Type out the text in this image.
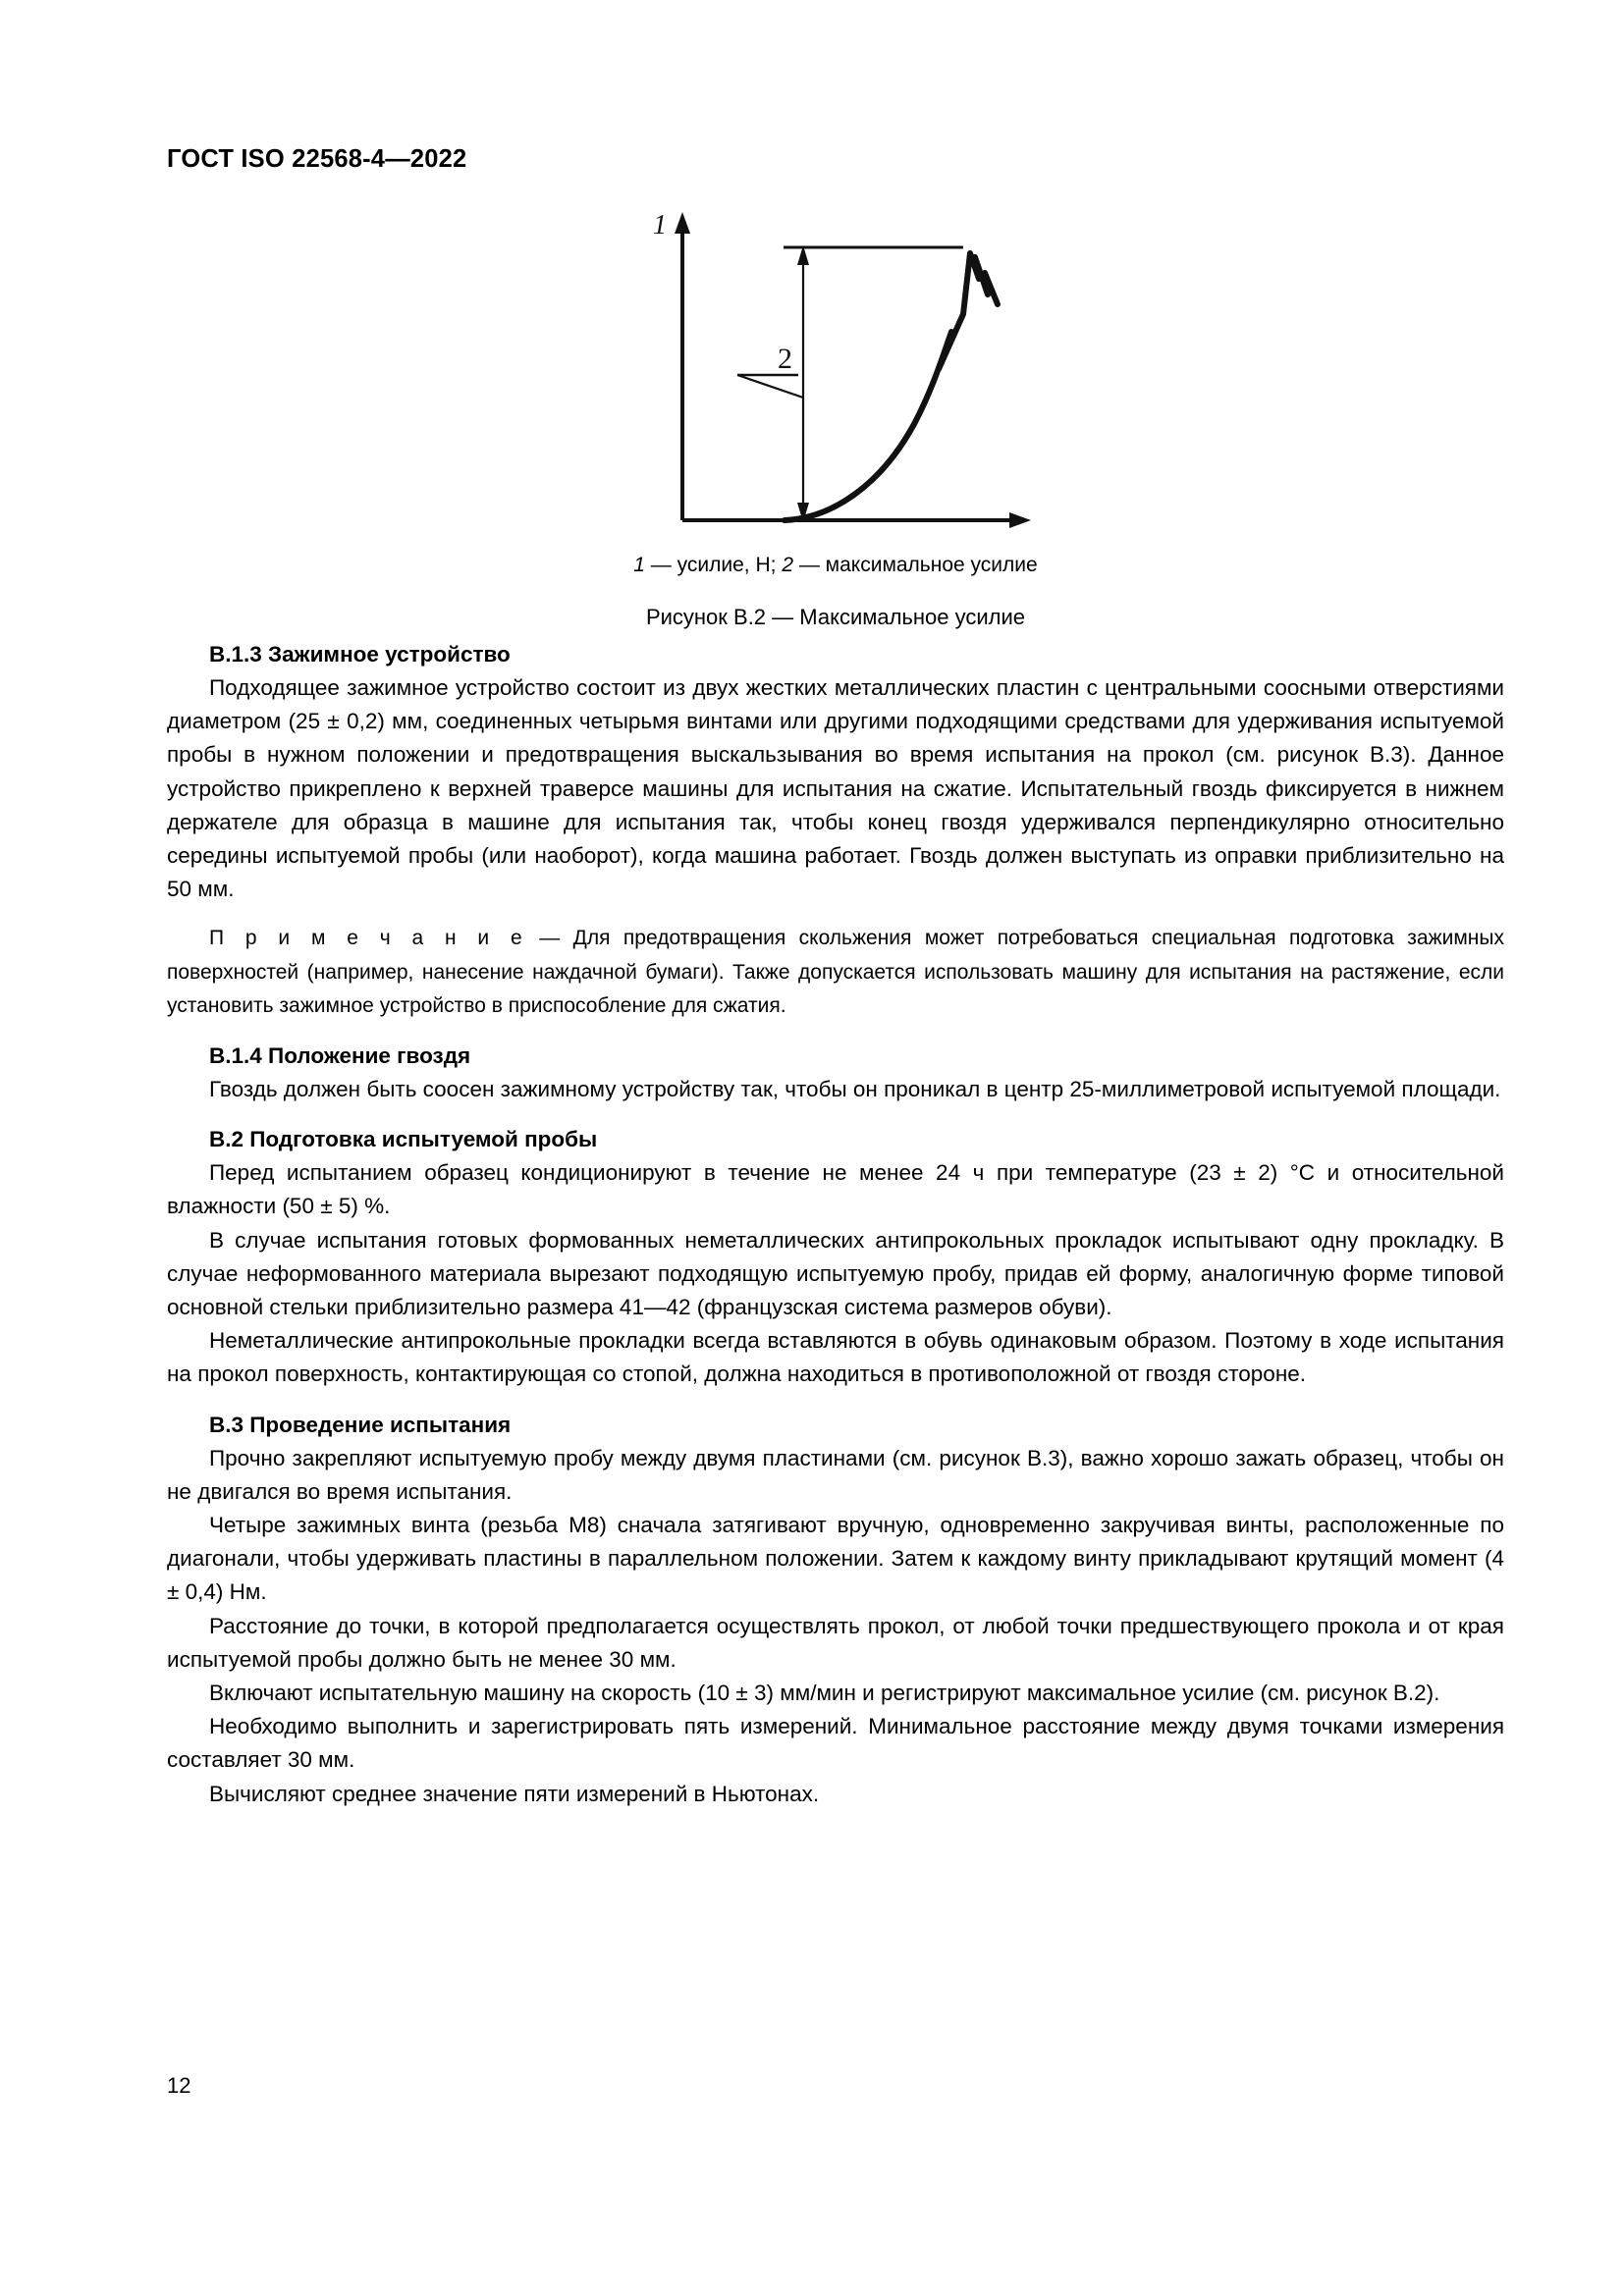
ГОСТ ISO 22568-4—2022
1
2
1 — усилие, Н; 2 — максимальное усилие
Рисунок В.2 — Максимальное усилие
B.1.3 Зажимное устройство

Подходящее зажимное устройство состоит из двух жестких металлических пластин с центральными соосными отверстиями диаметром (25 ± 0,2) мм, соединенных четырьмя винтами или другими подходящими средствами для удерживания испытуемой пробы в нужном положении и предотвращения выскальзывания во время испытания на прокол (см. рисунок В.3). Данное устройство прикреплено к верхней траверсе машины для испытания на сжатие. Испытательный гвоздь фиксируется в нижнем держателе для образца в машине для испытания так, чтобы конец гвоздя удерживался перпендикулярно относительно середины испытуемой пробы (или наоборот), когда машина работает. Гвоздь должен выступать из оправки приблизительно на 50 мм.

П р и м е ч а н и е — Для предотвращения скольжения может потребоваться специальная подготовка зажимных поверхностей (например, нанесение наждачной бумаги). Также допускается использовать машину для испытания на растяжение, если установить зажимное устройство в приспособление для сжатия.

B.1.4 Положение гвоздя

Гвоздь должен быть соосен зажимному устройству так, чтобы он проникал в центр 25-миллиметровой испытуемой площади.

B.2 Подготовка испытуемой пробы

Перед испытанием образец кондиционируют в течение не менее 24 ч при температуре (23 ± 2) °С и относительной влажности (50 ± 5) %.

В случае испытания готовых формованных неметаллических антипрокольных прокладок испытывают одну прокладку. В случае неформованного материала вырезают подходящую испытуемую пробу, придав ей форму, аналогичную форме типовой основной стельки приблизительно размера 41—42 (французская система размеров обуви).

Неметаллические антипрокольные прокладки всегда вставляются в обувь одинаковым образом. Поэтому в ходе испытания на прокол поверхность, контактирующая со стопой, должна находиться в противоположной от гвоздя стороне.

B.3 Проведение испытания

Прочно закрепляют испытуемую пробу между двумя пластинами (см. рисунок В.3), важно хорошо зажать образец, чтобы он не двигался во время испытания.

Четыре зажимных винта (резьба М8) сначала затягивают вручную, одновременно закручивая винты, расположенные по диагонали, чтобы удерживать пластины в параллельном положении. Затем к каждому винту прикладывают крутящий момент (4 ± 0,4) Нм.

Расстояние до точки, в которой предполагается осуществлять прокол, от любой точки предшествующего прокола и от края испытуемой пробы должно быть не менее 30 мм.

Включают испытательную машину на скорость (10 ± 3) мм/мин и регистрируют максимальное усилие (см. рисунок В.2).

Необходимо выполнить и зарегистрировать пять измерений. Минимальное расстояние между двумя точками измерения составляет 30 мм.

Вычисляют среднее значение пяти измерений в Ньютонах.

12
